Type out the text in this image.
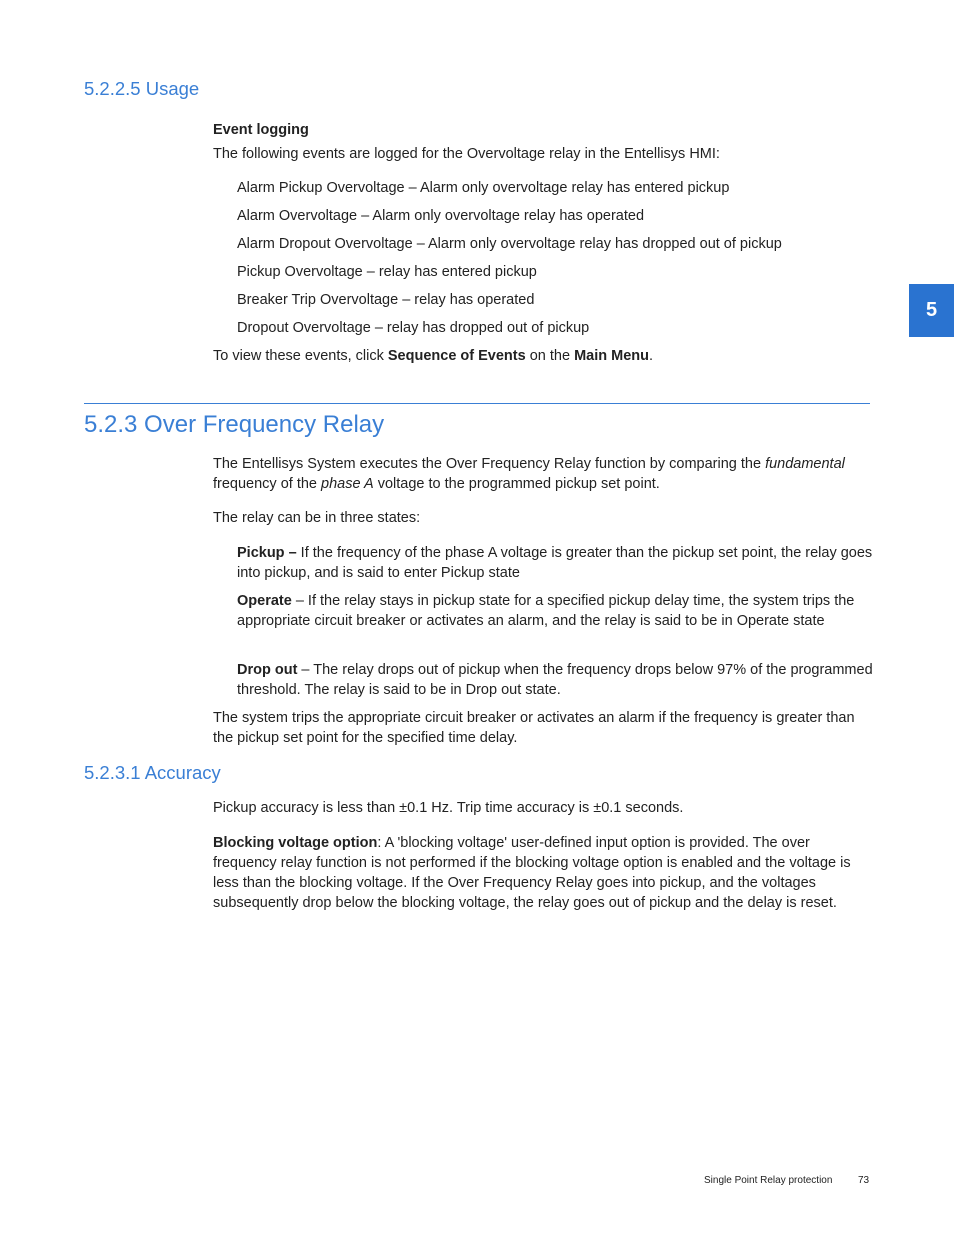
5.2.2.5 Usage
Event logging
The following events are logged for the Overvoltage relay in the Entellisys HMI:
Alarm Pickup Overvoltage – Alarm only overvoltage relay has entered pickup
Alarm Overvoltage – Alarm only overvoltage relay has operated
Alarm Dropout Overvoltage – Alarm only overvoltage relay has dropped out of pickup
Pickup Overvoltage – relay has entered pickup
Breaker Trip Overvoltage – relay has operated
Dropout Overvoltage – relay has dropped out of pickup
To view these events, click Sequence of Events on the Main Menu.
5
5.2.3 Over Frequency Relay
The Entellisys System executes the Over Frequency Relay function by comparing the fundamental frequency of the phase A voltage to the programmed pickup set point.
The relay can be in three states:
Pickup – If the frequency of the phase A voltage is greater than the pickup set point, the relay goes into pickup, and is said to enter Pickup state
Operate – If the relay stays in pickup state for a specified pickup delay time, the system trips the appropriate circuit breaker or activates an alarm, and the relay is said to be in Operate state
Drop out – The relay drops out of pickup when the frequency drops below 97% of the programmed threshold. The relay is said to be in Drop out state.
The system trips the appropriate circuit breaker or activates an alarm if the frequency is greater than the pickup set point for the specified time delay.
5.2.3.1 Accuracy
Pickup accuracy is less than ±0.1 Hz. Trip time accuracy is ±0.1 seconds.
Blocking voltage option: A 'blocking voltage' user-defined input option is provided. The over frequency relay function is not performed if the blocking voltage option is enabled and the voltage is less than the blocking voltage. If the Over Frequency Relay goes into pickup, and the voltages subsequently drop below the blocking voltage, the relay goes out of pickup and the delay is reset.
Single Point Relay protection	73
